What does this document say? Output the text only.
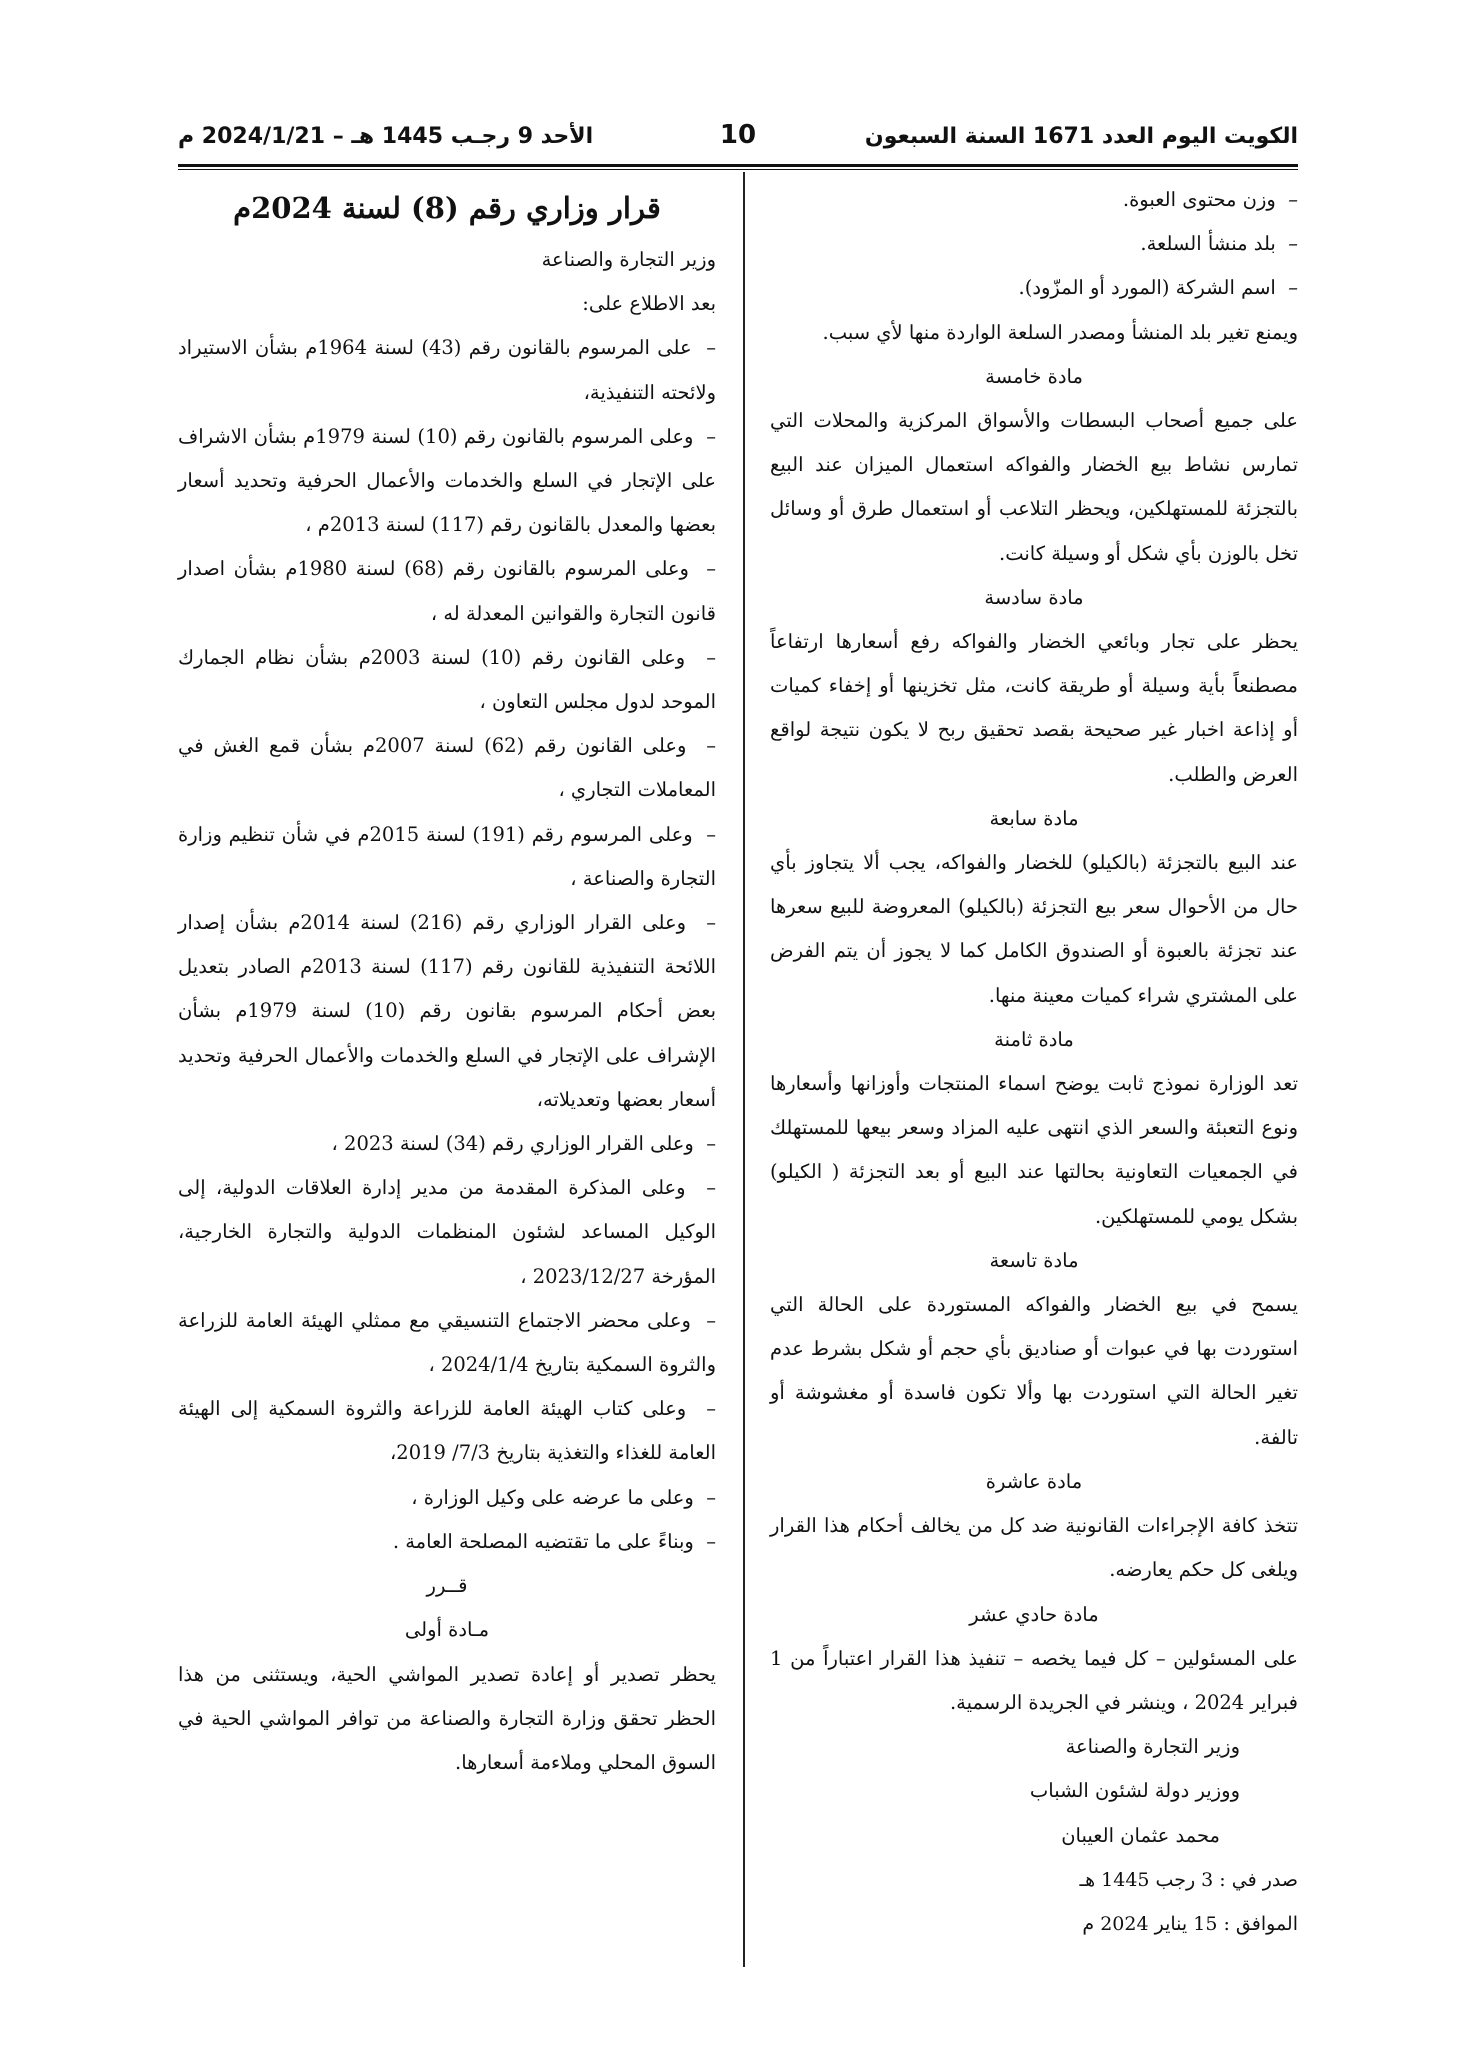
الكويت اليوم العدد 1671 السنة السبعون
10
الأحد 9 رجـب 1445 هـ – 2024/1/21 م

–  وزن محتوى العبوة.

–  بلد منشأ السلعة.

–  اسم الشركة (المورد أو المزّود).

ويمنع تغير بلد المنشأ ومصدر السلعة الواردة منها لأي سبب.

مادة خامسة

على جميع أصحاب البسطات والأسواق المركزية والمحلات التي تمارس نشاط بيع الخضار والفواكه استعمال الميزان عند البيع بالتجزئة للمستهلكين، ويحظر التلاعب أو استعمال طرق أو وسائل تخل بالوزن بأي شكل أو وسيلة كانت.

مادة سادسة

يحظر على تجار وبائعي الخضار والفواكه رفع أسعارها ارتفاعاً مصطنعاً بأية وسيلة أو طريقة كانت، مثل تخزينها أو إخفاء كميات أو إذاعة اخبار غير صحيحة بقصد تحقيق ربح لا يكون نتيجة لواقع العرض والطلب.

مادة سابعة

عند البيع بالتجزئة (بالكيلو) للخضار والفواكه، يجب ألا يتجاوز بأي حال من الأحوال سعر بيع التجزئة (بالكيلو) المعروضة للبيع سعرها عند تجزئة بالعبوة أو الصندوق الكامل كما لا يجوز أن يتم الفرض على المشتري شراء كميات معينة منها.

مادة ثامنة

تعد الوزارة نموذج ثابت يوضح اسماء المنتجات وأوزانها وأسعارها ونوع التعبئة والسعر الذي انتهى عليه المزاد وسعر بيعها للمستهلك في الجمعيات التعاونية بحالتها عند البيع أو بعد التجزئة ( الكيلو) بشكل يومي للمستهلكين.

مادة تاسعة

يسمح في بيع الخضار والفواكه المستوردة على الحالة التي استوردت بها في عبوات أو صناديق بأي حجم أو شكل بشرط عدم تغير الحالة التي استوردت بها وألا تكون فاسدة أو مغشوشة أو تالفة.

مادة عاشرة

تتخذ كافة الإجراءات القانونية ضد كل من يخالف أحكام هذا القرار ويلغى كل حكم يعارضه.

مادة حادي عشر

على المسئولين – كل فيما يخصه – تنفيذ هذا القرار اعتباراً من 1 فبراير 2024 ، وينشر في الجريدة الرسمية.

وزير التجارة والصناعة

ووزير دولة لشئون الشباب

محمد عثمان العيبان

صدر في : 3 رجب 1445 هـ

الموافق : 15 يناير 2024 م

قرار وزاري رقم (8) لسنة 2024م

وزير التجارة والصناعة

بعد الاطلاع على:

–  على المرسوم بالقانون رقم (43) لسنة 1964م بشأن الاستيراد ولائحته التنفيذية،

–  وعلى المرسوم بالقانون رقم (10) لسنة 1979م بشأن الاشراف على الإتجار في السلع والخدمات والأعمال الحرفية وتحديد أسعار بعضها والمعدل بالقانون رقم (117) لسنة 2013م ،

–  وعلى المرسوم بالقانون رقم (68) لسنة 1980م بشأن اصدار قانون التجارة والقوانين المعدلة له ،

–  وعلى القانون رقم (10) لسنة 2003م بشأن نظام الجمارك الموحد لدول مجلس التعاون ،

–  وعلى القانون رقم (62) لسنة 2007م بشأن قمع الغش في المعاملات التجاري ،

–  وعلى المرسوم رقم (191) لسنة 2015م في شأن تنظيم وزارة التجارة والصناعة ،

–  وعلى القرار الوزاري رقم (216) لسنة 2014م بشأن إصدار اللائحة التنفيذية للقانون رقم (117) لسنة 2013م الصادر بتعديل بعض أحكام المرسوم بقانون رقم (10) لسنة 1979م بشأن الإشراف على الإتجار في السلع والخدمات والأعمال الحرفية وتحديد أسعار بعضها وتعديلاته،

–  وعلى القرار الوزاري رقم (34) لسنة 2023 ،

–  وعلى المذكرة المقدمة من مدير إدارة العلاقات الدولية، إلى الوكيل المساعد لشئون المنظمات الدولية والتجارة الخارجية، المؤرخة 2023/12/27 ،

–  وعلى محضر الاجتماع التنسيقي مع ممثلي الهيئة العامة للزراعة والثروة السمكية بتاريخ 2024/1/4 ،

–  وعلى كتاب الهيئة العامة للزراعة والثروة السمكية إلى الهيئة العامة للغذاء والتغذية بتاريخ 7/3/ 2019،

–  وعلى ما عرضه على وكيل الوزارة ،

–  وبناءً على ما تقتضيه المصلحة العامة .

قــرر

مـادة أولى

يحظر تصدير أو إعادة تصدير المواشي الحية، ويستثنى من هذا الحظر تحقق وزارة التجارة والصناعة من توافر المواشي الحية في السوق المحلي وملاءمة أسعارها.
